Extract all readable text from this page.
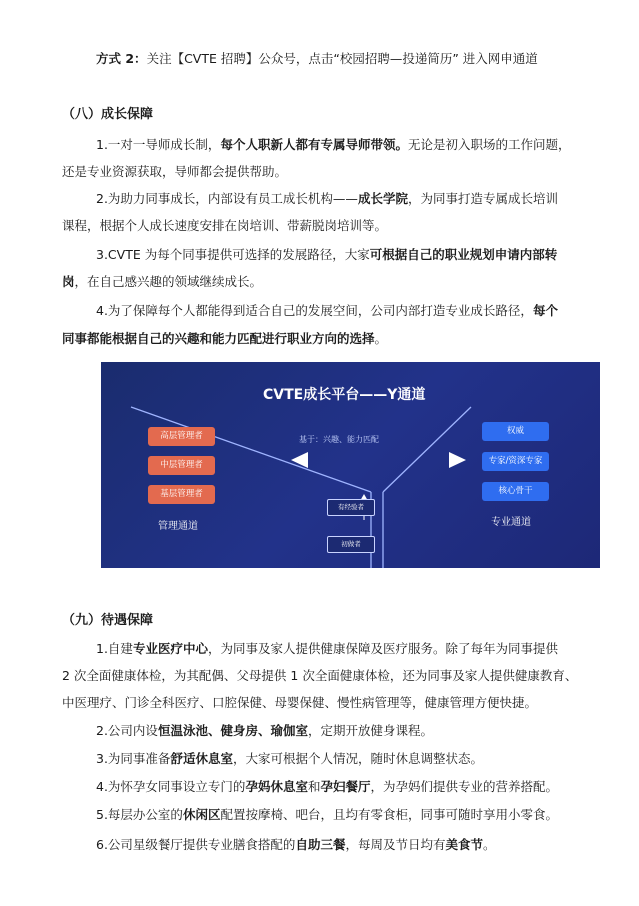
方式 2：关注【CVTE 招聘】公众号，点击“校园招聘—投递简历” 进入网申通道
（八）成长保障
1.一对一导师成长制，每个人职新人都有专属导师带领。无论是初入职场的工作问题，
还是专业资源获取，导师都会提供帮助。
2.为助力同事成长，内部设有员工成长机构——成长学院，为同事打造专属成长培训
课程，根据个人成长速度安排在岗培训、带薪脱岗培训等。
3.CVTE 为每个同事提供可选择的发展路径，大家可根据自己的职业规划申请内部转
岗，在自己感兴趣的领域继续成长。
4.为了保障每个人都能得到适合自己的发展空间，公司内部打造专业成长路径，每个
同事都能根据自己的兴趣和能力匹配进行职业方向的选择。
CVTE成长平台——Y通道
基于：兴趣、能力匹配
高层管理者
中层管理者
基层管理者
管理通道
权威
专家/资深专家
核心骨干
专业通道
有经验者
初做者
（九）待遇保障
1.自建专业医疗中心，为同事及家人提供健康保障及医疗服务。除了每年为同事提供
2 次全面健康体检，为其配偶、父母提供 1 次全面健康体检，还为同事及家人提供健康教育、
中医理疗、门诊全科医疗、口腔保健、母婴保健、慢性病管理等，健康管理方便快捷。
2.公司内设恒温泳池、健身房、瑜伽室，定期开放健身课程。
3.为同事准备舒适休息室，大家可根据个人情况，随时休息调整状态。
4.为怀孕女同事设立专门的孕妈休息室和孕妇餐厅，为孕妈们提供专业的营养搭配。
5.每层办公室的休闲区配置按摩椅、吧台，且均有零食柜，同事可随时享用小零食。
6.公司星级餐厅提供专业膳食搭配的自助三餐，每周及节日均有美食节。
